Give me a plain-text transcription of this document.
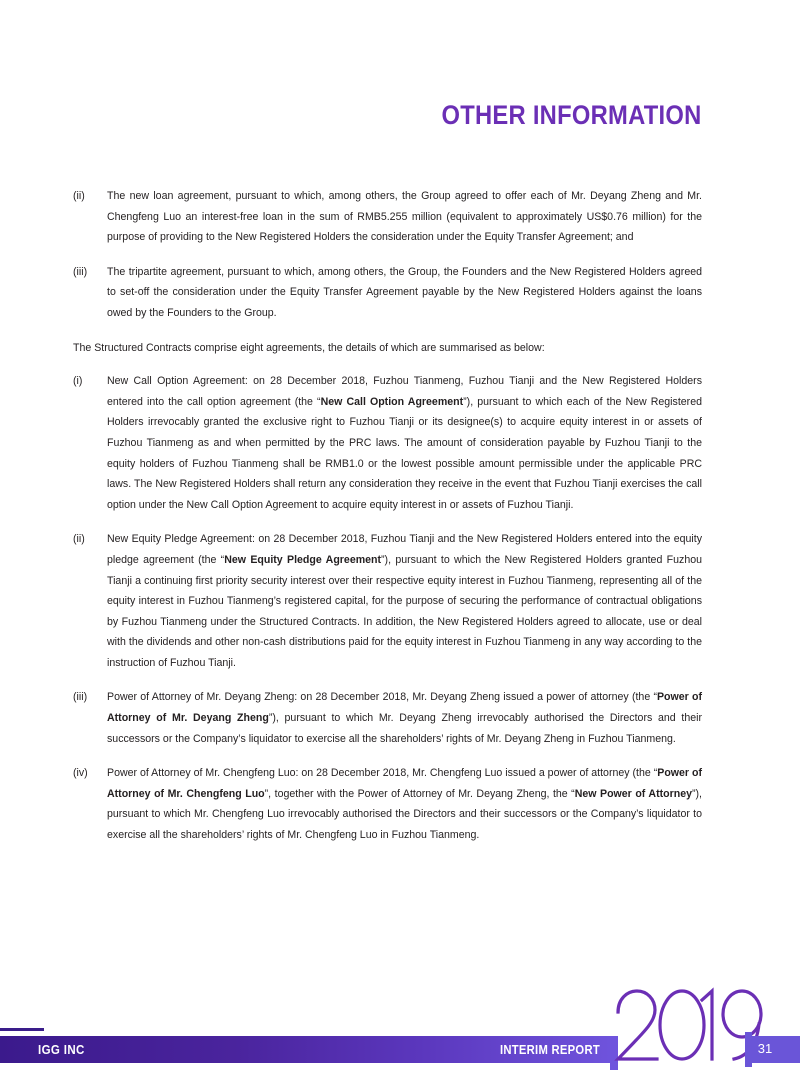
OTHER INFORMATION
(ii)	The new loan agreement, pursuant to which, among others, the Group agreed to offer each of Mr. Deyang Zheng and Mr. Chengfeng Luo an interest-free loan in the sum of RMB5.255 million (equivalent to approximately US$0.76 million) for the purpose of providing to the New Registered Holders the consideration under the Equity Transfer Agreement; and
(iii)	The tripartite agreement, pursuant to which, among others, the Group, the Founders and the New Registered Holders agreed to set-off the consideration under the Equity Transfer Agreement payable by the New Registered Holders against the loans owed by the Founders to the Group.

The Structured Contracts comprise eight agreements, the details of which are summarised as below:

(i)	New Call Option Agreement: on 28 December 2018, Fuzhou Tianmeng, Fuzhou Tianji and the New Registered Holders entered into the call option agreement (the “New Call Option Agreement”), pursuant to which each of the New Registered Holders irrevocably granted the exclusive right to Fuzhou Tianji or its designee(s) to acquire equity interest in or assets of Fuzhou Tianmeng as and when permitted by the PRC laws. The amount of consideration payable by Fuzhou Tianji to the equity holders of Fuzhou Tianmeng shall be RMB1.0 or the lowest possible amount permissible under the applicable PRC laws. The New Registered Holders shall return any consideration they receive in the event that Fuzhou Tianji exercises the call option under the New Call Option Agreement to acquire equity interest in or assets of Fuzhou Tianji.
(ii)	New Equity Pledge Agreement: on 28 December 2018, Fuzhou Tianji and the New Registered Holders entered into the equity pledge agreement (the “New Equity Pledge Agreement”), pursuant to which the New Registered Holders granted Fuzhou Tianji a continuing first priority security interest over their respective equity interest in Fuzhou Tianmeng, representing all of the equity interest in Fuzhou Tianmeng’s registered capital, for the purpose of securing the performance of contractual obligations by Fuzhou Tianmeng under the Structured Contracts. In addition, the New Registered Holders agreed to allocate, use or deal with the dividends and other non-cash distributions paid for the equity interest in Fuzhou Tianmeng in any way according to the instruction of Fuzhou Tianji.
(iii)	Power of Attorney of Mr. Deyang Zheng: on 28 December 2018, Mr. Deyang Zheng issued a power of attorney (the “Power of Attorney of Mr. Deyang Zheng”), pursuant to which Mr. Deyang Zheng irrevocably authorised the Directors and their successors or the Company’s liquidator to exercise all the shareholders’ rights of Mr. Deyang Zheng in Fuzhou Tianmeng.
(iv)	Power of Attorney of Mr. Chengfeng Luo: on 28 December 2018, Mr. Chengfeng Luo issued a power of attorney (the “Power of Attorney of Mr. Chengfeng Luo”, together with the Power of Attorney of Mr. Deyang Zheng, the “New Power of Attorney”), pursuant to which Mr. Chengfeng Luo irrevocably authorised the Directors and their successors or the Company’s liquidator to exercise all the shareholders’ rights of Mr. Chengfeng Luo in Fuzhou Tianmeng.
IGG INC	INTERIM REPORT	31
